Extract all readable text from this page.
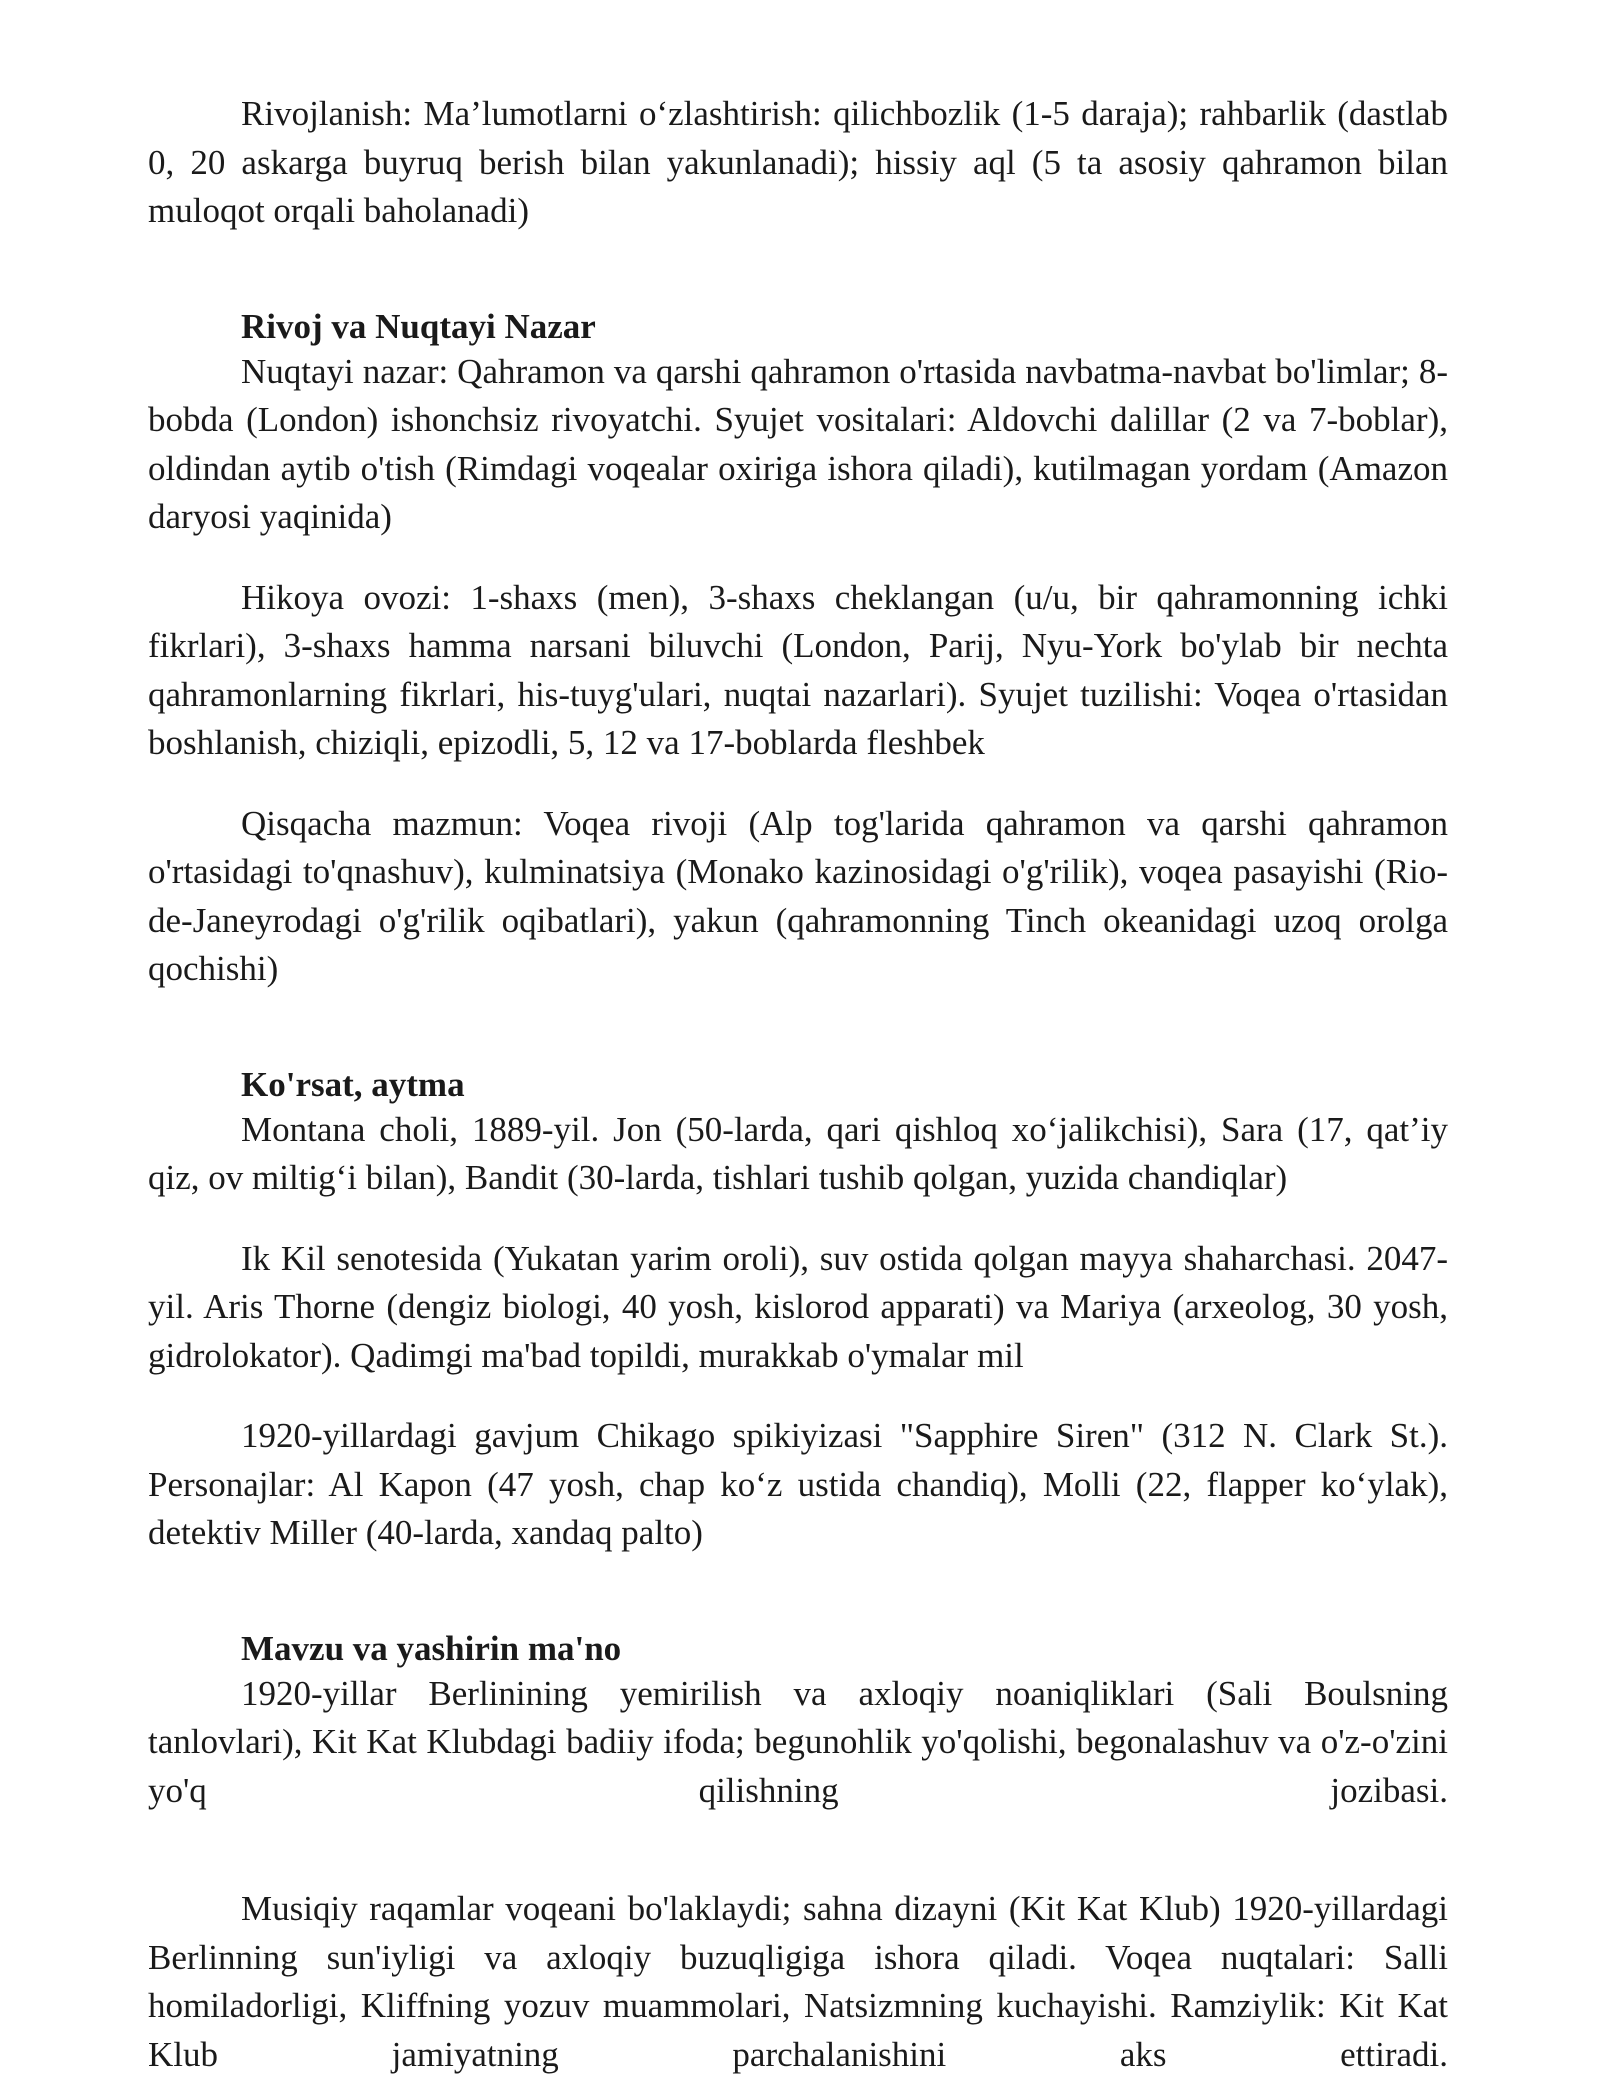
Rivojlanish: Ma’lumotlarni o‘zlashtirish: qilichbozlik (1-5 daraja); rahbarlik (dastlab 0, 20 askarga buyruq berish bilan yakunlanadi); hissiy aql (5 ta asosiy qahramon bilan muloqot orqali baholanadi)

Rivoj va Nuqtayi Nazar

Nuqtayi nazar: Qahramon va qarshi qahramon o'rtasida navbatma-navbat bo'limlar; 8-bobda (London) ishonchsiz rivoyatchi. Syujet vositalari: Aldovchi dalillar (2 va 7-boblar), oldindan aytib o'tish (Rimdagi voqealar oxiriga ishora qiladi), kutilmagan yordam (Amazon daryosi yaqinida)

Hikoya ovozi: 1-shaxs (men), 3-shaxs cheklangan (u/u, bir qahramonning ichki fikrlari), 3-shaxs hamma narsani biluvchi (London, Parij, Nyu-York bo'ylab bir nechta qahramonlarning fikrlari, his-tuyg'ulari, nuqtai nazarlari). Syujet tuzilishi: Voqea o'rtasidan boshlanish, chiziqli, epizodli, 5, 12 va 17-boblarda fleshbek

Qisqacha mazmun: Voqea rivoji (Alp tog'larida qahramon va qarshi qahramon o'rtasidagi to'qnashuv), kulminatsiya (Monako kazinosidagi o'g'rilik), voqea pasayishi (Rio-de-Janeyrodagi o'g'rilik oqibatlari), yakun (qahramonning Tinch okeanidagi uzoq orolga qochishi)

Ko'rsat, aytma

Montana choli, 1889-yil. Jon (50-larda, qari qishloq xo‘jalikchisi), Sara (17, qat’iy qiz, ov miltig‘i bilan), Bandit (30-larda, tishlari tushib qolgan, yuzida chandiqlar)

Ik Kil senotesida (Yukatan yarim oroli), suv ostida qolgan mayya shaharchasi. 2047-yil. Aris Thorne (dengiz biologi, 40 yosh, kislorod apparati) va Mariya (arxeolog, 30 yosh, gidrolokator). Qadimgi ma'bad topildi, murakkab o'ymalar mil

1920-yillardagi gavjum Chikago spikiyizasi "Sapphire Siren" (312 N. Clark St.). Personajlar: Al Kapon (47 yosh, chap ko‘z ustida chandiq), Molli (22, flapper ko‘ylak), detektiv Miller (40-larda, xandaq palto)

Mavzu va yashirin ma'no

1920-yillar Berlinining yemirilish va axloqiy noaniqliklari (Sali Boulsning tanlovlari), Kit Kat Klubdagi badiiy ifoda; begunohlik yo'qolishi, begonalashuv va o'z-o'zini yo'q qilishning jozibasi.

Musiqiy raqamlar voqeani bo'laklaydi; sahna dizayni (Kit Kat Klub) 1920-yillardagi Berlinning sun'iyligi va axloqiy buzuqligiga ishora qiladi. Voqea nuqtalari: Salli homiladorligi, Kliffning yozuv muammolari, Natsizmning kuchayishi. Ramziylik: Kit Kat Klub jamiyatning parchalanishini aks ettiradi.
